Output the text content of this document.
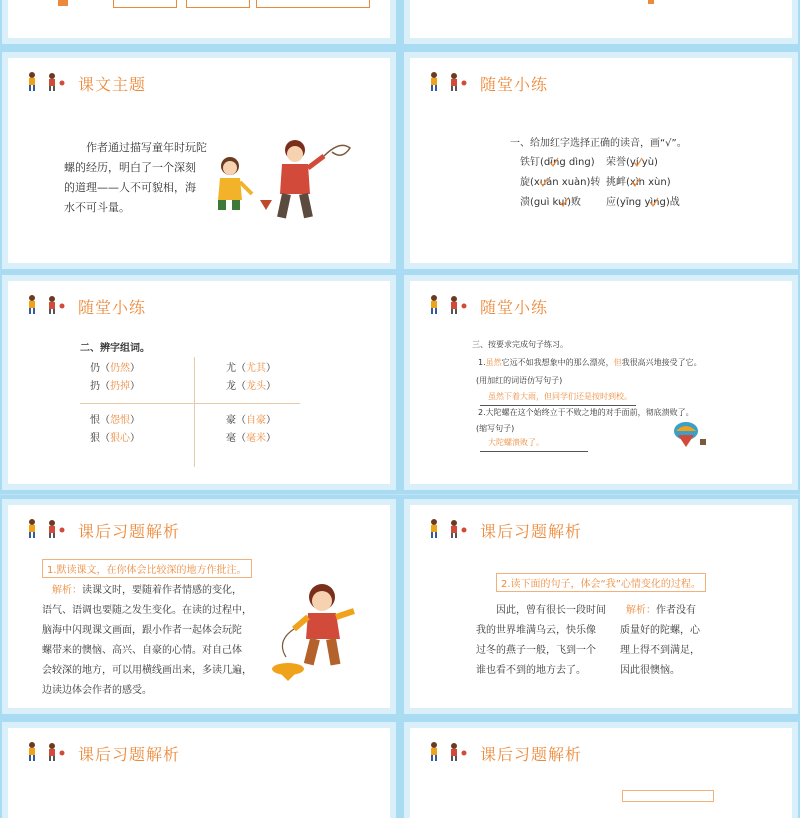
课文主题
作者通过描写童年时玩陀
螺的经历，明白了一个深刻
的道理——人不可貌相，海
水不可斗量。
随堂小练
一、给加红字选择正确的读音，画“√”。
铁钉(dīng dìng) 荣誉(yí yù)
旋(xuán xuàn)转 挑衅(xìn xùn)
溃(guì kuì)败 应(yīng yìng)战
随堂小练
二、辨字组词。
仍（仍然）	尤（尤其）
扔（扔掉）	龙（龙头）
恨（怨恨）	豪（自豪）
狠（狠心）	毫（毫米）
随堂小练
三、按要求完成句子练习。
1.虽然它远不如我想象中的那么漂亮，但我很高兴地接受了它。
(用加红的词语仿写句子)
虽然下着大雨，但同学们还是按时到校。
2.大陀螺在这个始终立于不败之地的对手面前，彻底溃败了。
(缩写句子)
大陀螺溃败了。
课后习题解析
1.默读课文，在你体会比较深的地方作批注。
解析：读课文时，要随着作者情感的变化，
语气、语调也要随之发生变化。在读的过程中，
脑海中闪现课文画面，跟小作者一起体会玩陀
螺带来的懊恼、高兴、自豪的心情。对自己体
会较深的地方，可以用横线画出来，多读几遍，
边读边体会作者的感受。
课后习题解析
2.读下面的句子，体会“我”心情变化的过程。
因此，曾有很长一段时间
我的世界堆满乌云，快乐像
过冬的燕子一般，飞到一个
谁也看不到的地方去了。
解析：作者没有
质量好的陀螺，心
理上得不到满足，
因此很懊恼。
课后习题解析	课后习题解析
